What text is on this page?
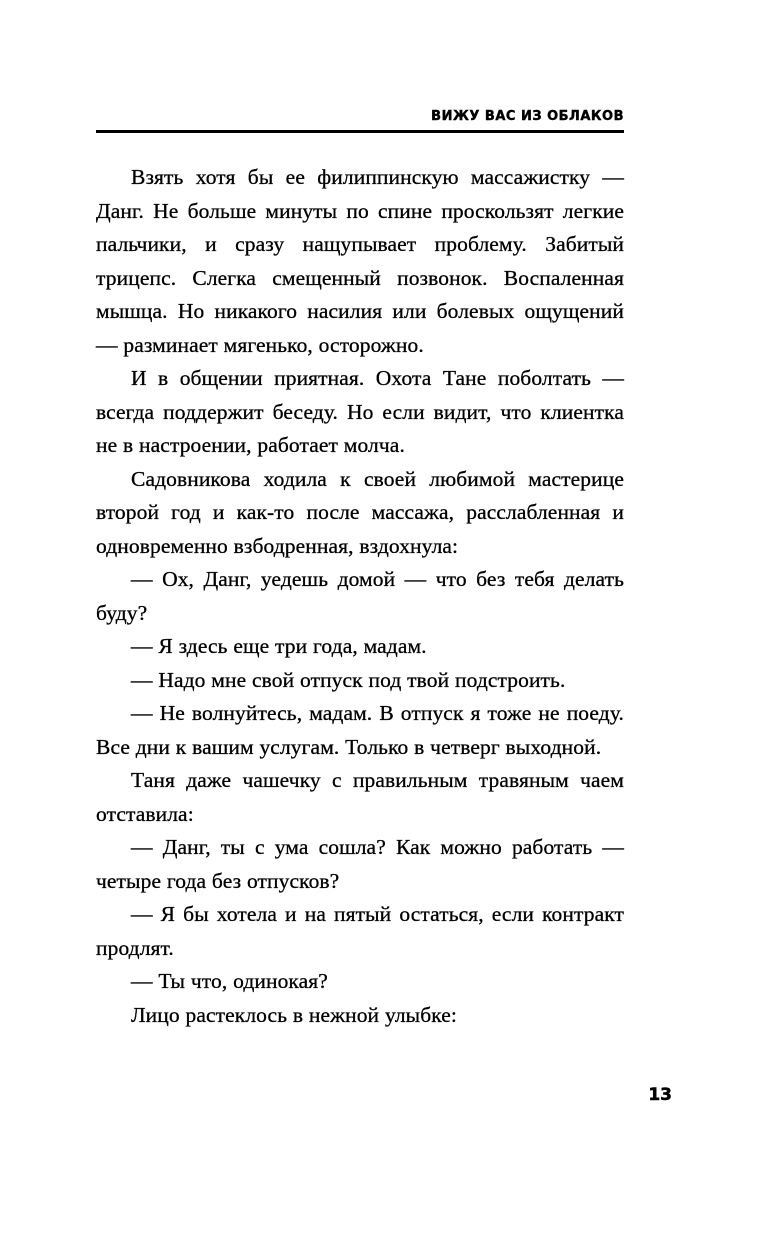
ВИЖУ ВАС ИЗ ОБЛАКОВ

Взять хотя бы ее филиппинскую массажистку — Данг. Не больше минуты по спине проскользят легкие пальчики, и сразу нащупывает проблему. Забитый трицепс. Слегка смещенный позвонок. Воспаленная мышца. Но никакого насилия или болевых ощущений — разминает мягенько, осторожно.

И в общении приятная. Охота Тане поболтать — всегда поддержит беседу. Но если видит, что клиентка не в настроении, работает молча.

Садовникова ходила к своей любимой мастерице второй год и как-то после массажа, расслабленная и одновременно взбодренная, вздохнула:

— Ох, Данг, уедешь домой — что без тебя делать буду?

— Я здесь еще три года, мадам.

— Надо мне свой отпуск под твой подстроить.

— Не волнуйтесь, мадам. В отпуск я тоже не поеду. Все дни к вашим услугам. Только в четверг выходной.

Таня даже чашечку с правильным травяным чаем отставила:

— Данг, ты с ума сошла? Как можно работать — четыре года без отпусков?

— Я бы хотела и на пятый остаться, если контракт продлят.

— Ты что, одинокая?

Лицо растеклось в нежной улыбке:

13
